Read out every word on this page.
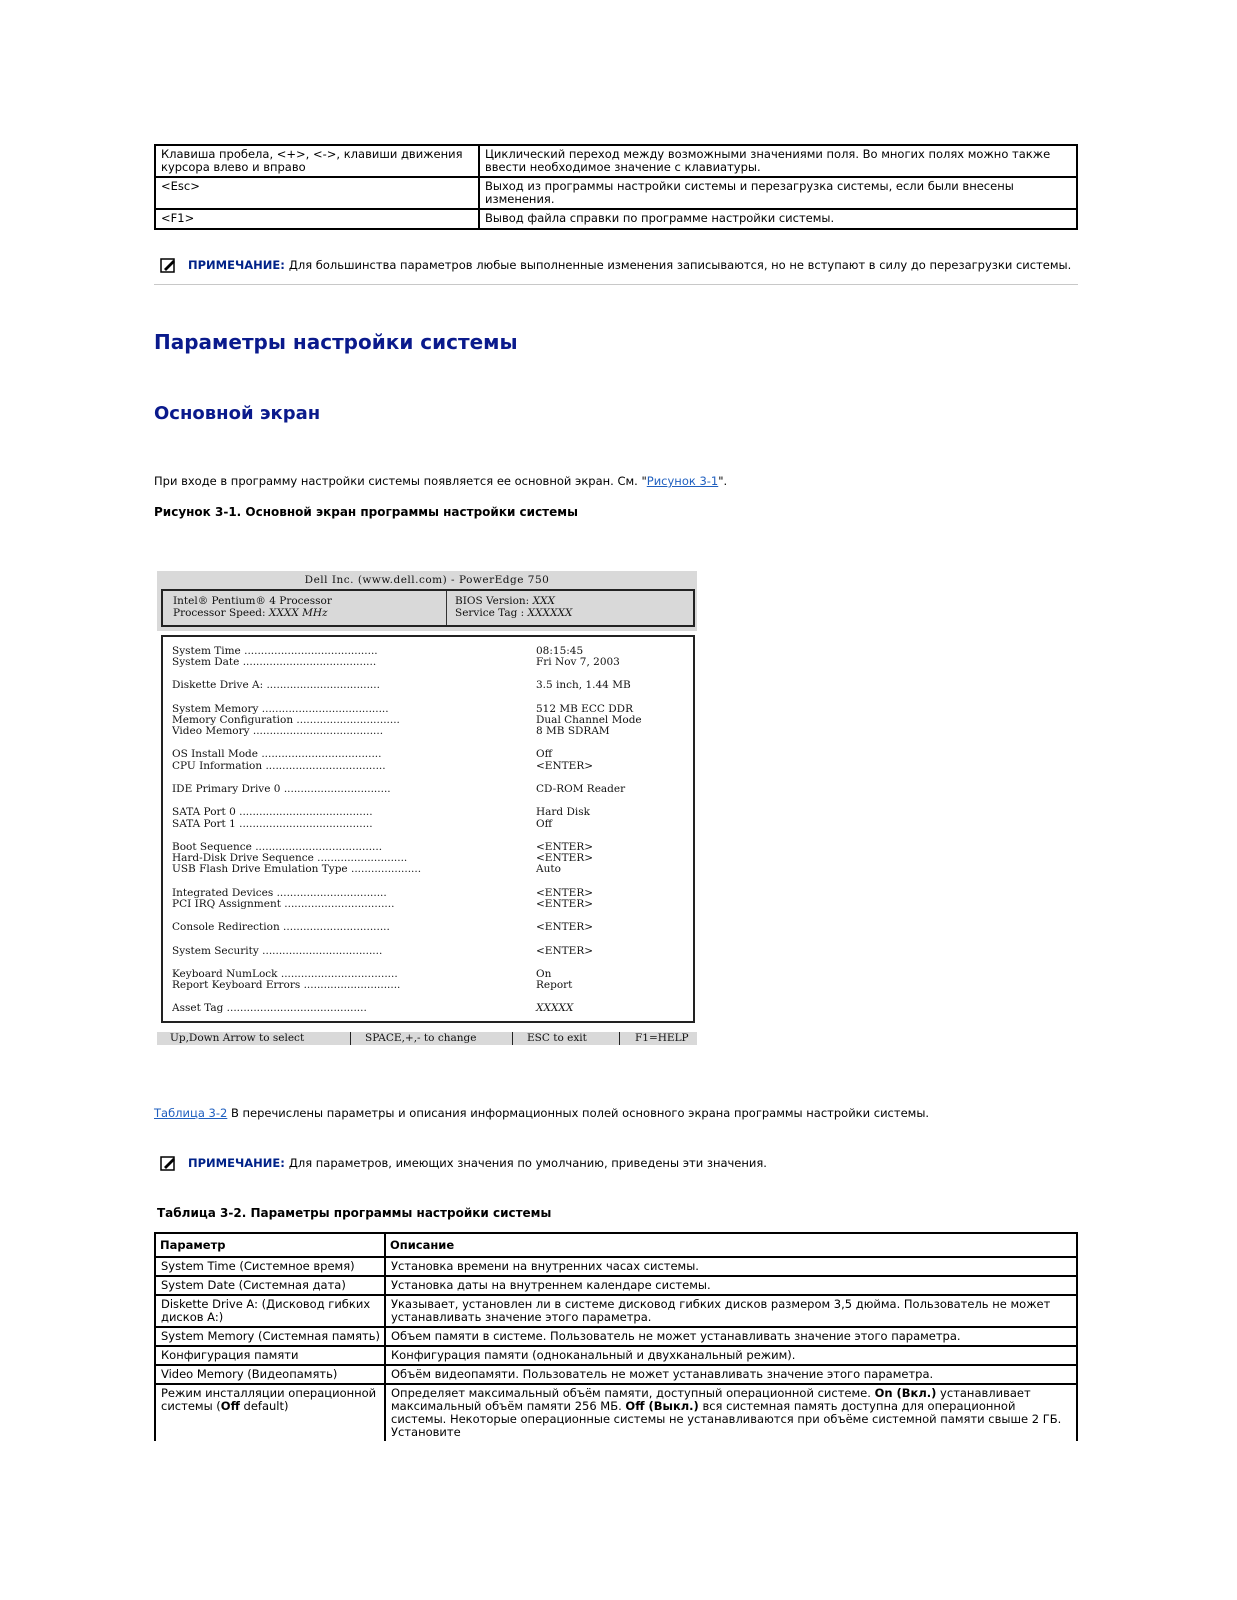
Клавиша пробела, <+>, <->, клавиши движения курсора влево и вправо	Циклический переход между возможными значениями поля. Во многих полях можно также ввести необходимое значение с клавиатуры.
<Esc>	Выход из программы настройки системы и перезагрузка системы, если были внесены изменения.
<F1>	Вывод файла справки по программе настройки системы.
ПРИМЕЧАНИЕ: Для большинства параметров любые выполненные изменения записываются, но не вступают в силу до перезагрузки системы.
Параметры настройки системы
Основной экран
При входе в программу настройки системы появляется ее основной экран. См. "Рисунок 3-1".
Рисунок 3-1. Основной экран программы настройки системы
Dell Inc. (www.dell.com) - PowerEdge 750
Intel® Pentium® 4 Processor
Processor Speed: XXXX MHz
BIOS Version: XXX
Service Tag : XXXXXX
System Time ........................................	08:15:45
System Date ........................................	Fri Nov 7, 2003
Diskette Drive A: ..................................	3.5 inch, 1.44 MB
System Memory ......................................	512 MB ECC DDR
Memory Configuration ...............................	Dual Channel Mode
Video Memory .......................................	8 MB SDRAM
OS Install Mode ....................................	Off
CPU Information ....................................	<ENTER>
IDE Primary Drive 0 ................................	CD-ROM Reader
SATA Port 0 ........................................	Hard Disk
SATA Port 1 ........................................	Off
Boot Sequence ......................................	<ENTER>
Hard-Disk Drive Sequence ...........................	<ENTER>
USB Flash Drive Emulation Type .....................	Auto
Integrated Devices .................................	<ENTER>
PCI IRQ Assignment .................................	<ENTER>
Console Redirection ................................	<ENTER>
System Security ....................................	<ENTER>
Keyboard NumLock ...................................	On
Report Keyboard Errors .............................	Report
Asset Tag ..........................................	XXXXX
Up,Down Arrow to select	SPACE,+,- to change	ESC to exit	F1=HELP
Таблица 3-2 В перечислены параметры и описания информационных полей основного экрана программы настройки системы.
ПРИМЕЧАНИЕ: Для параметров, имеющих значения по умолчанию, приведены эти значения.
Таблица 3-2. Параметры программы настройки системы
Параметр	Описание
System Time (Системное время)	Установка времени на внутренних часах системы.
System Date (Системная дата)	Установка даты на внутреннем календаре системы.
Diskette Drive A: (Дисковод гибких дисков A:)	Указывает, установлен ли в системе дисковод гибких дисков размером 3,5 дюйма. Пользователь не может устанавливать значение этого параметра.
System Memory (Системная память)	Объем памяти в системе. Пользователь не может устанавливать значение этого параметра.
Конфигурация памяти	Конфигурация памяти (одноканальный и двухканальный режим).
Video Memory (Видеопамять)	Объём видеопамяти. Пользователь не может устанавливать значение этого параметра.
Режим инсталляции операционной системы (Off default)	Определяет максимальный объём памяти, доступный операционной системе. On (Вкл.) устанавливает максимальный объём памяти 256 МБ. Off (Выкл.) вся системная память доступна для операционной системы. Некоторые операционные системы не устанавливаются при объёме системной памяти свыше 2 ГБ. Установите
